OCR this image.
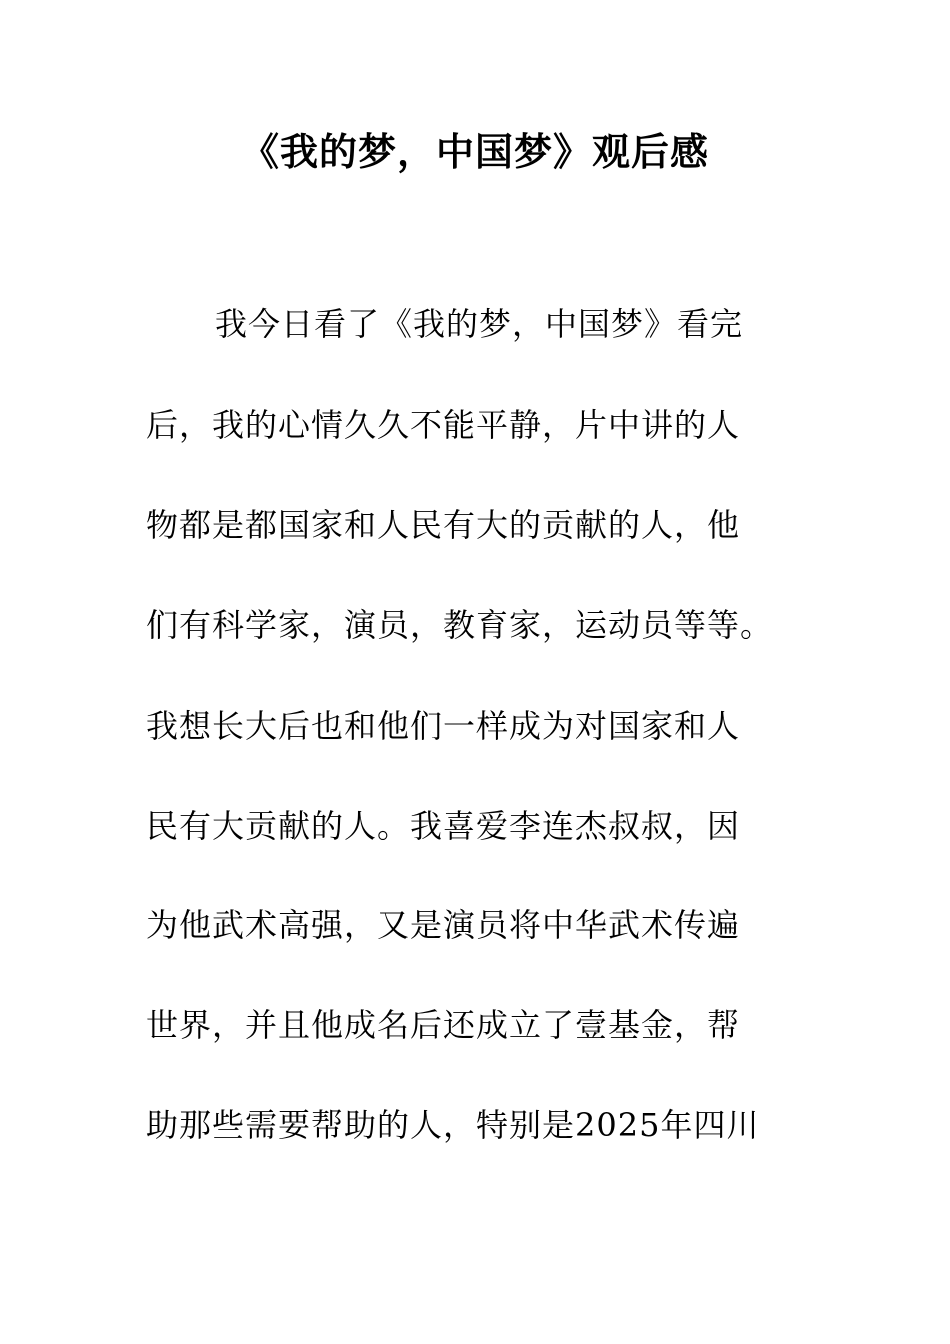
《我的梦，中国梦》观后感

我今日看了《我的梦，中国梦》看完

后，我的心情久久不能平静，片中讲的人

物都是都国家和人民有大的贡献的人，他

们有科学家，演员，教育家，运动员等等。

我想长大后也和他们一样成为对国家和人

民有大贡献的人。我喜爱李连杰叔叔，因

为他武术高强，又是演员将中华武术传遍

世界，并且他成名后还成立了壹基金，帮

助那些需要帮助的人，特别是2025年四川
